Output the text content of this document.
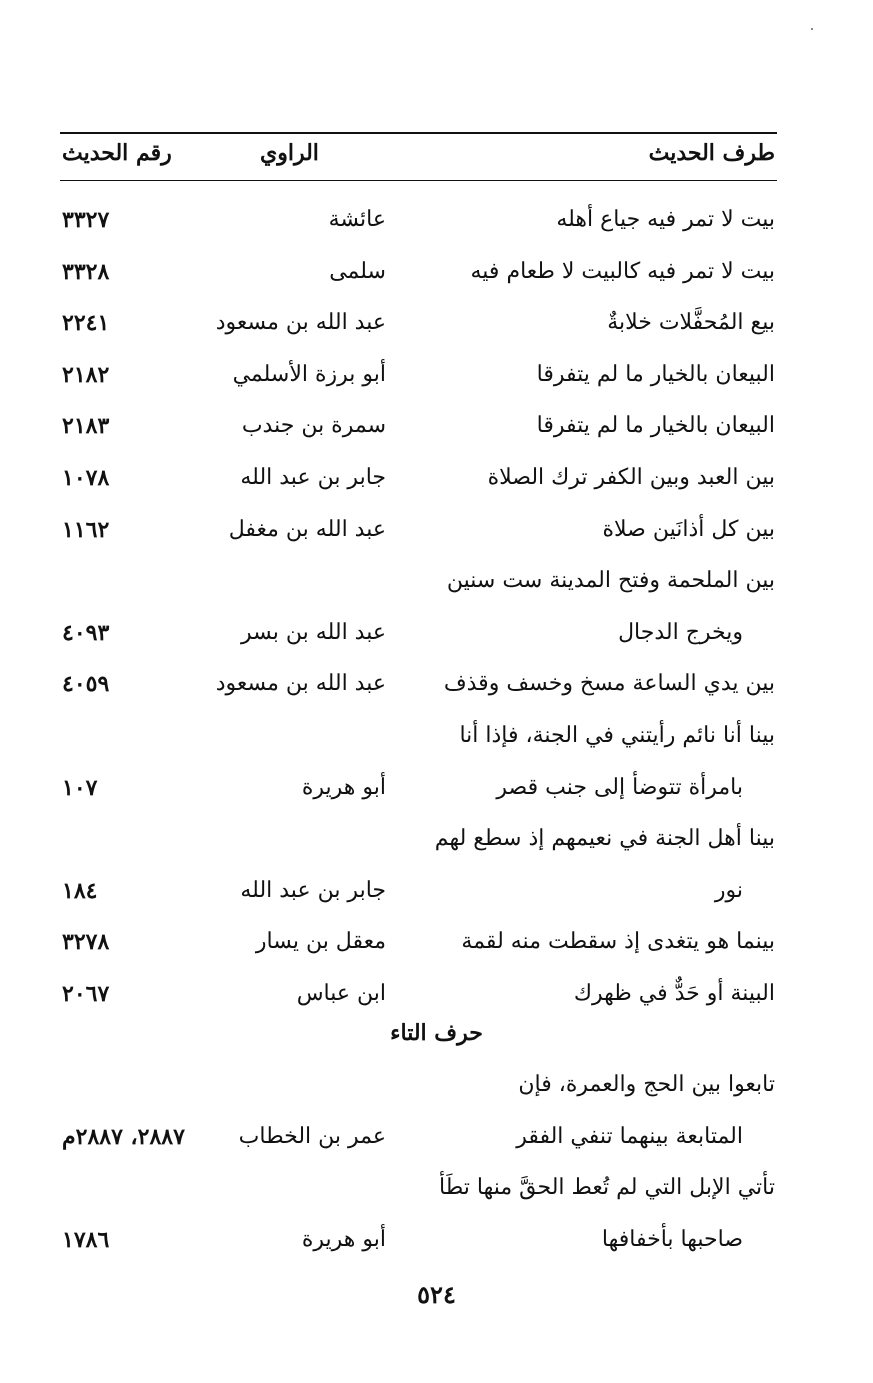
طرف الحديث
الراوي
رقم الحديث
بيت لا تمر فيه جياع أهله
عائشة
٣٣٢٧
بيت لا تمر فيه كالبيت لا طعام فيه
سلمى
٣٣٢٨
بيع المُحفَّلات خلابةٌ
عبد الله بن مسعود
٢٢٤١
البيعان بالخيار ما لم يتفرقا
أبو برزة الأسلمي
٢١٨٢
البيعان بالخيار ما لم يتفرقا
سمرة بن جندب
٢١٨٣
بين العبد وبين الكفر ترك الصلاة
جابر بن عبد الله
١٠٧٨
بين كل أذانَين صلاة
عبد الله بن مغفل
١١٦٢
بين الملحمة وفتح المدينة ست سنين
ويخرج الدجال
عبد الله بن بسر
٤٠٩٣
بين يدي الساعة مسخ وخسف وقذف
عبد الله بن مسعود
٤٠٥٩
بينا أنا نائم رأيتني في الجنة، فإذا أنا
بامرأة تتوضأ إلى جنب قصر
أبو هريرة
١٠٧
بينا أهل الجنة في نعيمهم إذ سطع لهم
نور
جابر بن عبد الله
١٨٤
بينما هو يتغدى إذ سقطت منه لقمة
معقل بن يسار
٣٢٧٨
البينة أو حَدٌّ في ظهرك
ابن عباس
٢٠٦٧
حرف التاء
تابعوا بين الحج والعمرة، فإن
المتابعة بينهما تنفي الفقر
عمر بن الخطاب
٢٨٨٧، ٢٨٨٧م
تأتي الإبل التي لم تُعط الحقَّ منها تطَأ
صاحبها بأخفافها
أبو هريرة
١٧٨٦
٥٢٤
